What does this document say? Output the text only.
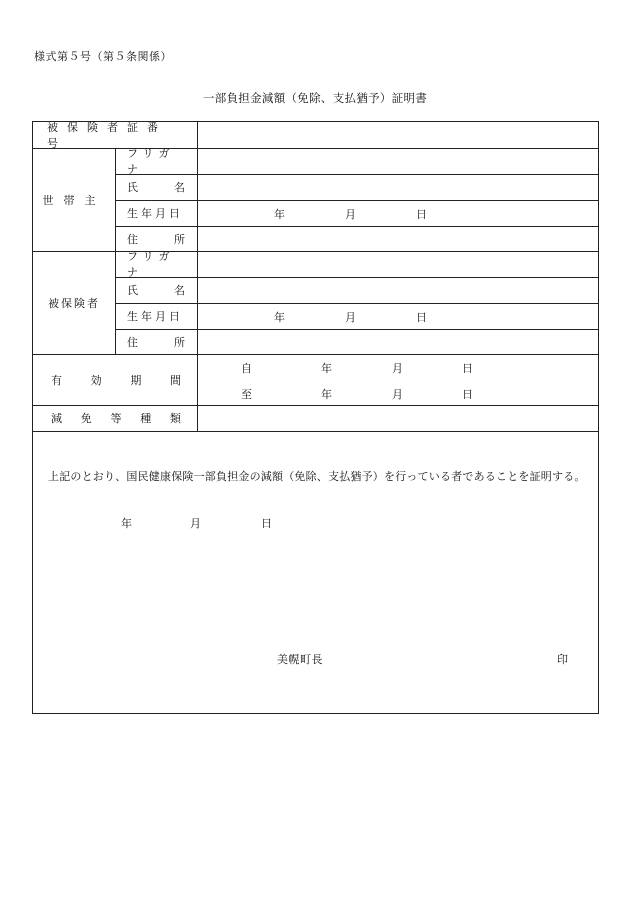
様式第５号（第５条関係）
一部負担金減額（免除、支払猶予）証明書
被保険者証番号
世帯主
フリガナ
氏	名
生年月日	年	月	日
住	所
被保険者
フリガナ
氏	名
生年月日	年	月	日
住	所
有	効	期	間
自	年	月	日
至	年	月	日
減 免 等 種 類
上記のとおり、国民健康保険一部負担金の減額（免除、支払猶予）を行っている者であることを証明する。
年	月	日
美幌町長	印
